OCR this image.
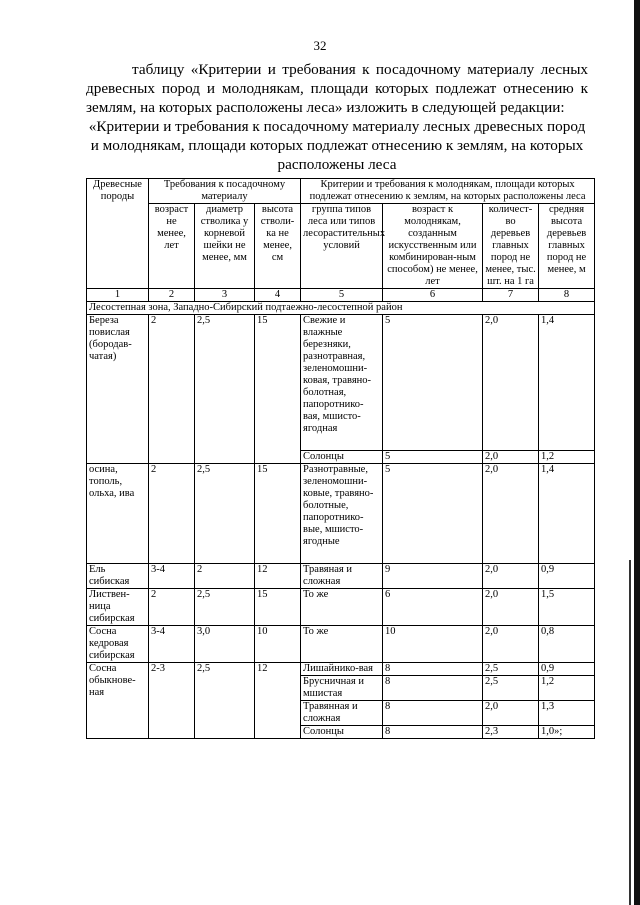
32
таблицу «Критерии и требования к посадочному материалу лесных древесных пород и молоднякам, площади которых подлежат отнесению к землям, на которых расположены леса» изложить в следующей редакции:
«Критерии и требования к посадочному материалу лесных древесных пород и молоднякам, площади которых подлежат отнесению к землям, на которых расположены леса
Древесные породы	Требования к посадочному материалу			Критерии и требования к молоднякам, площади которых подлежат отнесению к землям, на которых расположены леса			
	возраст не менее, лет	диаметр стволика у корневой шейки не менее, мм	высота стволи-ка не менее, см	группа типов леса или типов лесорастительных условий	возраст к молоднякам, созданным искусственным или комбинирован-ным способом) не менее, лет	количест-во деревьев главных пород не менее, тыс. шт. на 1 га	средняя высота деревьев главных пород не менее, м
1	2	3	4	5	6	7	8
Лесостепная зона, Западно-Сибирский подтаежно-лесостепной район							
Береза повислая (бородав-чатая)	2	2,5	15	Свежие и влажные березняки, разнотравная, зеленомошни-ковая, травяно-болотная, папоротнико-вая, мшисто-ягодная	5	2,0	1,4
				Солонцы	5	2,0	1,2
осина, тополь, ольха, ива	2	2,5	15	Разнотравные, зеленомошни-ковые, травяно-болотные, папоротнико-вые, мшисто-ягодные	5	2,0	1,4
Ель сибиская	3-4	2	12	Травяная и сложная	9	2,0	0,9
Листвен-ница сибирская	2	2,5	15	То же	6	2,0	1,5
Сосна кедровая сибирская	3-4	3,0	10	То же	10	2,0	0,8
Сосна обыкнове-ная	2-3	2,5	12	Лишайнико-вая	8	2,5	0,9
				Брусничная и мшистая	8	2,5	1,2
				Травянная и сложная	8	2,0	1,3
				Солонцы	8	2,3	1,0»;
